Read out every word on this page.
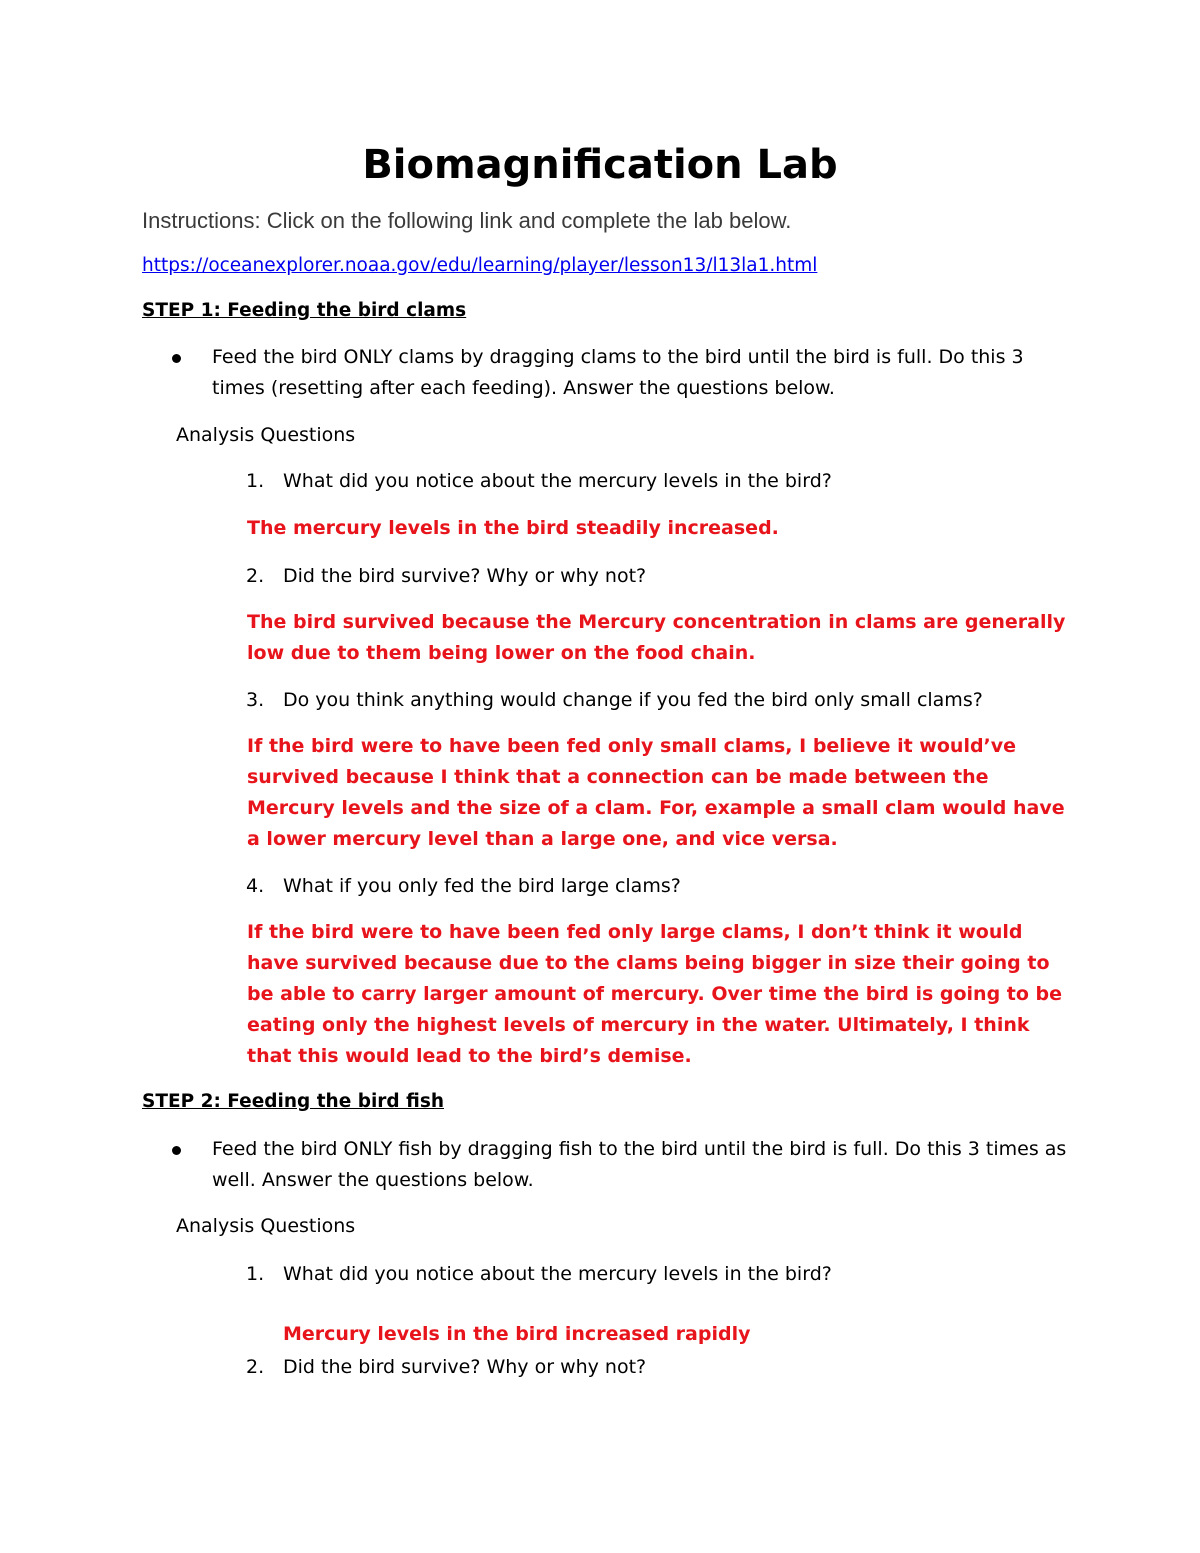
Biomagnification Lab
Instructions: Click on the following link and complete the lab below.
https://oceanexplorer.noaa.gov/edu/learning/player/lesson13/l13la1.html
STEP 1: Feeding the bird clams
Feed the bird ONLY clams by dragging clams to the bird until the bird is full. Do this 3 times (resetting after each feeding). Answer the questions below.
Analysis Questions
1. What did you notice about the mercury levels in the bird?
The mercury levels in the bird steadily increased.
2. Did the bird survive? Why or why not?
The bird survived because the Mercury concentration in clams are generally low due to them being lower on the food chain.
3. Do you think anything would change if you fed the bird only small clams?
If the bird were to have been fed only small clams, I believe it would’ve survived because I think that a connection can be made between the Mercury levels and the size of a clam. For, example a small clam would have a lower mercury level than a large one, and vice versa.
4. What if you only fed the bird large clams?
If the bird were to have been fed only large clams, I don’t think it would have survived because due to the clams being bigger in size their going to be able to carry larger amount of mercury. Over time the bird is going to be eating only the highest levels of mercury in the water. Ultimately, I think that this would lead to the bird’s demise.
STEP 2: Feeding the bird fish
Feed the bird ONLY fish by dragging fish to the bird until the bird is full. Do this 3 times as well. Answer the questions below.
Analysis Questions
1. What did you notice about the mercury levels in the bird?
Mercury levels in the bird increased rapidly
2. Did the bird survive? Why or why not?
